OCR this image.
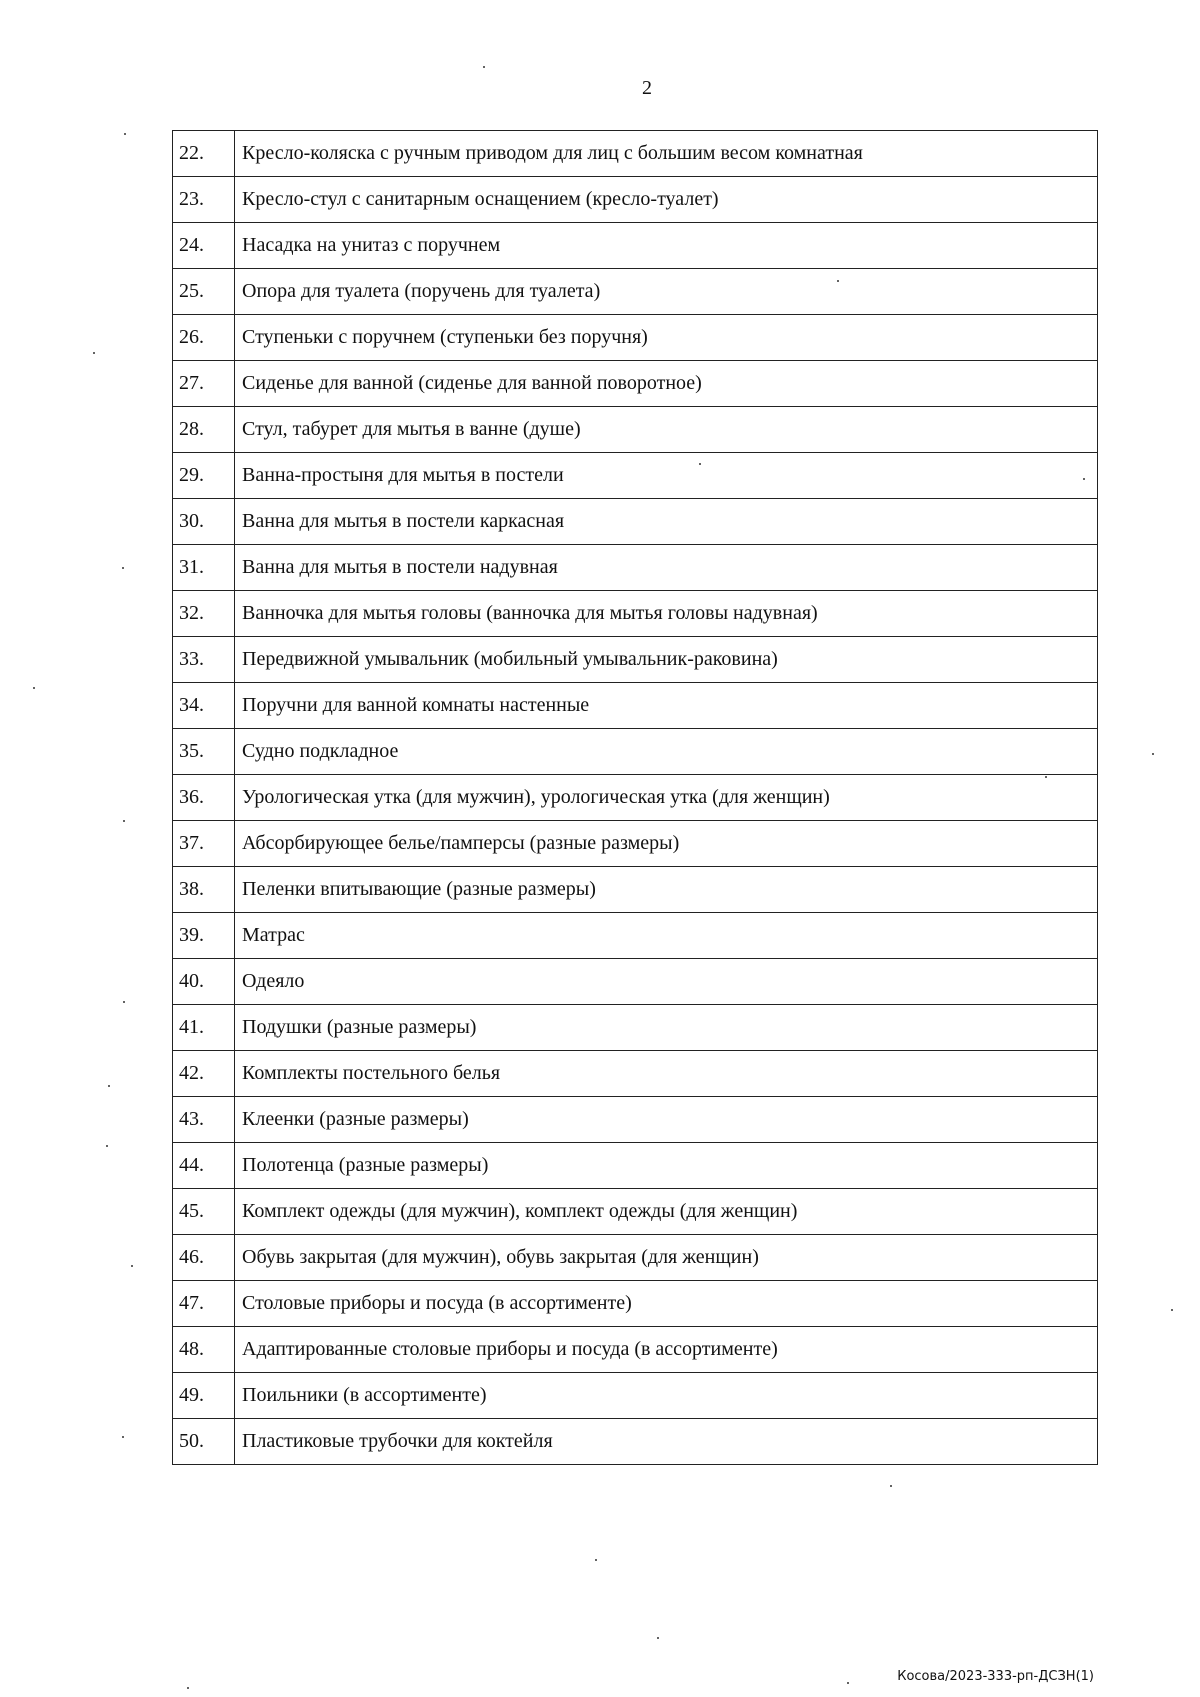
2
22.	Кресло-коляска с ручным приводом для лиц с большим весом комнатная
23.	Кресло-стул с санитарным оснащением (кресло-туалет)
24.	Насадка на унитаз с поручнем
25.	Опора для туалета (поручень для туалета)
26.	Ступеньки с поручнем (ступеньки без поручня)
27.	Сиденье для ванной (сиденье для ванной поворотное)
28.	Стул, табурет для мытья в ванне (душе)
29.	Ванна-простыня для мытья в постели
30.	Ванна для мытья в постели каркасная
31.	Ванна для мытья в постели надувная
32.	Ванночка для мытья головы (ванночка для мытья головы надувная)
33.	Передвижной умывальник (мобильный умывальник-раковина)
34.	Поручни для ванной комнаты настенные
35.	Судно подкладное
36.	Урологическая утка (для мужчин), урологическая утка (для женщин)
37.	Абсорбирующее белье/памперсы (разные размеры)
38.	Пеленки впитывающие (разные размеры)
39.	Матрас
40.	Одеяло
41.	Подушки (разные размеры)
42.	Комплекты постельного белья
43.	Клеенки (разные размеры)
44.	Полотенца (разные размеры)
45.	Комплект одежды (для мужчин), комплект одежды (для женщин)
46.	Обувь закрытая (для мужчин), обувь закрытая (для женщин)
47.	Столовые приборы и посуда (в ассортименте)
48.	Адаптированные столовые приборы и посуда (в ассортименте)
49.	Поильники (в ассортименте)
50.	Пластиковые трубочки для коктейля
Косова/2023-333-рп-ДСЗН(1)
